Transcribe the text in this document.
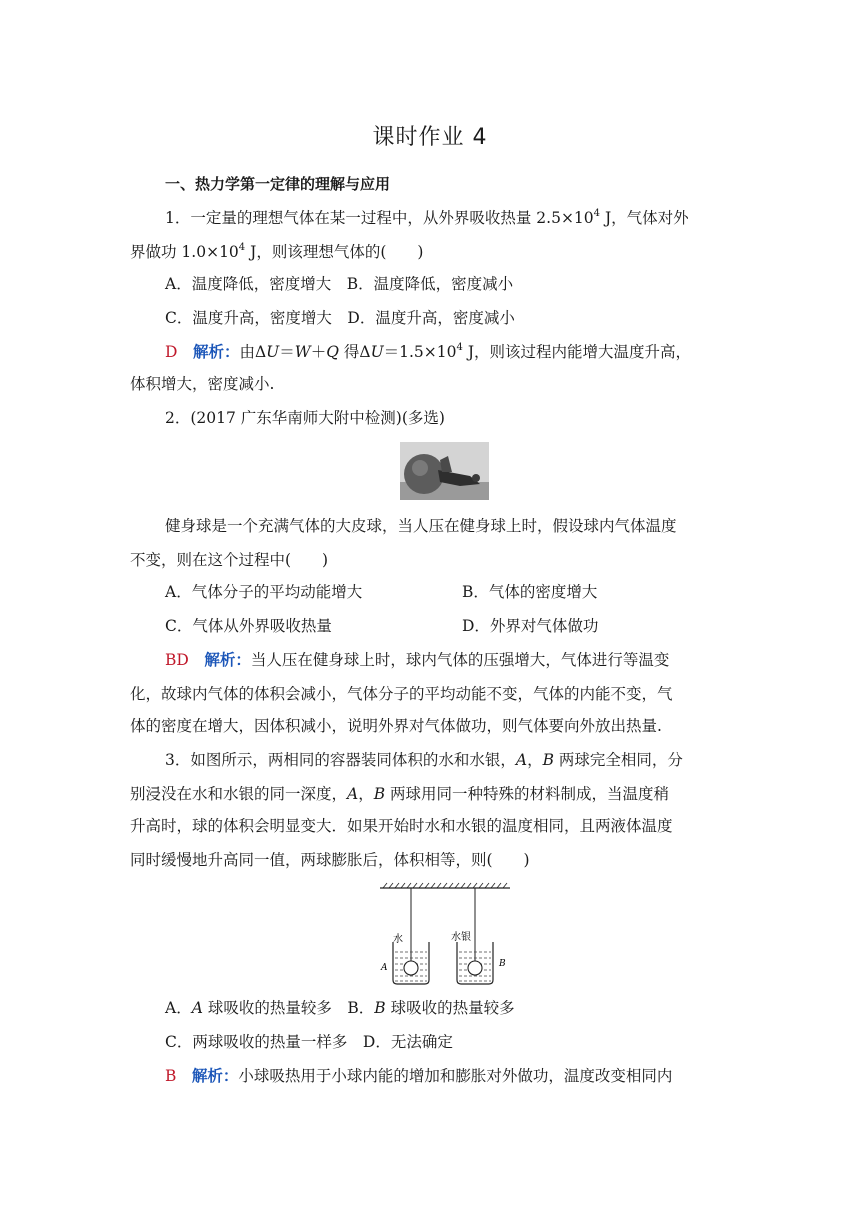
课时作业 4
一、热力学第一定律的理解与应用
1．一定量的理想气体在某一过程中，从外界吸收热量 $2.5\times 10^4$ J，气体对外
界做功 $1.0\times 10^4$ J，则该理想气体的(　　)
A．温度降低，密度增大　 B．温度降低，密度减小
C．温度升高，密度增大　 D．温度升高，密度减小
D　 解析：由ΔU＝W＋Q 得$\Delta U=1.5\times 10^4$ J，则该过程内能增大温度升高，
体积增大，密度减小.
2．(2017 广东华南师大附中检测)(多选)
健身球是一个充满气体的大皮球，当人压在健身球上时，假设球内气体温度
不变，则在这个过程中(　　)
A．气体分子的平均动能增大	B．气体的密度增大
C．气体从外界吸收热量	D．外界对气体做功
BD　 解析：当人压在健身球上时，球内气体的压强增大，气体进行等温变
化，故球内气体的体积会减小，气体分子的平均动能不变，气体的内能不变，气
体的密度在增大，因体积减小，说明外界对气体做功，则气体要向外放出热量.
3．如图所示，两相同的容器装同体积的水和水银，A，B 两球完全相同，分
别浸没在水和水银的同一深度，A，B 两球用同一种特殊的材料制成，当温度稍
升高时，球的体积会明显变大．如果开始时水和水银的温度相同，且两液体温度
同时缓慢地升高同一值，两球膨胀后，体积相等，则(　　)
水	水银
A	B
A．A 球吸收的热量较多　 B．B 球吸收的热量较多
C．两球吸收的热量一样多　 D．无法确定
B　 解析：小球吸热用于小球内能的增加和膨胀对外做功，温度改变相同内
